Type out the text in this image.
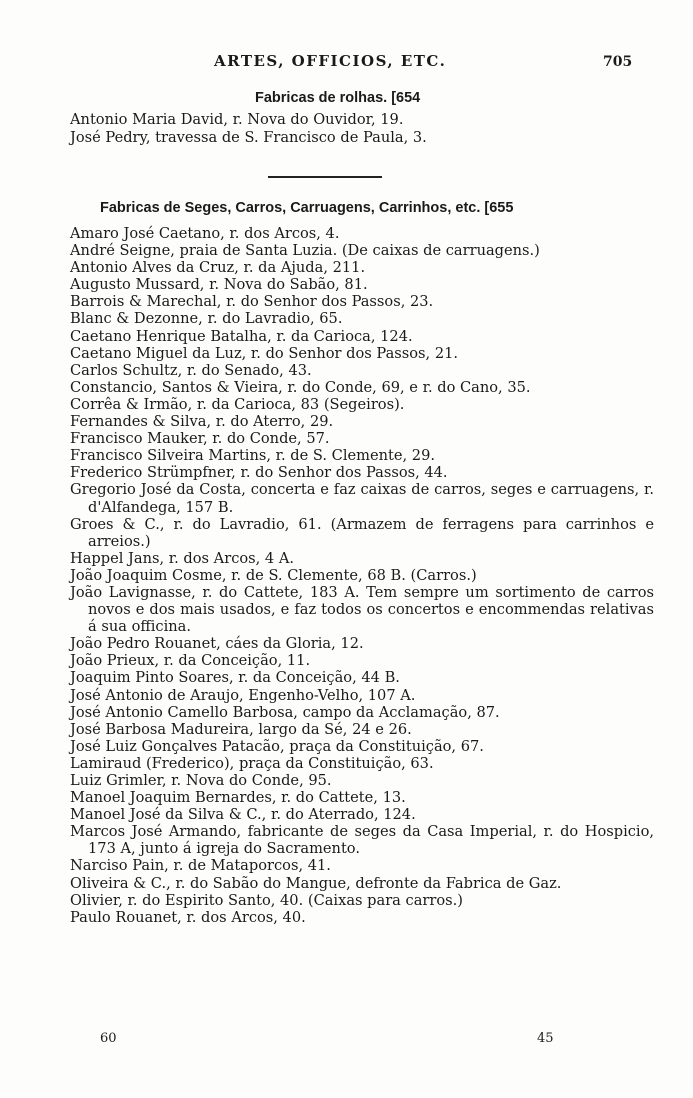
ARTES, OFFICIOS, ETC.	705
Fabricas de rolhas. [654
Antonio Maria David, r. Nova do Ouvidor, 19.
José Pedry, travessa de S. Francisco de Paula, 3.
Fabricas de Seges, Carros, Carruagens, Carrinhos, etc. [655
Amaro José Caetano, r. dos Arcos, 4.
André Seigne, praia de Santa Luzia. (De caixas de carruagens.)
Antonio Alves da Cruz, r. da Ajuda, 211.
Augusto Mussard, r. Nova do Sabão, 81.
Barrois & Marechal, r. do Senhor dos Passos, 23.
Blanc & Dezonne, r. do Lavradio, 65.
Caetano Henrique Batalha, r. da Carioca, 124.
Caetano Miguel da Luz, r. do Senhor dos Passos, 21.
Carlos Schultz, r. do Senado, 43.
Constancio, Santos & Vieira, r. do Conde, 69, e r. do Cano, 35.
Corrêa & Irmão, r. da Carioca, 83 (Segeiros).
Fernandes & Silva, r. do Aterro, 29.
Francisco Mauker, r. do Conde, 57.
Francisco Silveira Martins, r. de S. Clemente, 29.
Frederico Strümpfner, r. do Senhor dos Passos, 44.
Gregorio José da Costa, concerta e faz caixas de carros, seges e carruagens, r. d'Alfandega, 157 B.
Groes & C., r. do Lavradio, 61. (Armazem de ferragens para carrinhos e arreios.)
Happel Jans, r. dos Arcos, 4 A.
João Joaquim Cosme, r. de S. Clemente, 68 B. (Carros.)
João Lavignasse, r. do Cattete, 183 A. Tem sempre um sortimento de carros novos e dos mais usados, e faz todos os concertos e encommendas relativas á sua officina.
João Pedro Rouanet, cáes da Gloria, 12.
João Prieux, r. da Conceição, 11.
Joaquim Pinto Soares, r. da Conceição, 44 B.
José Antonio de Araujo, Engenho-Velho, 107 A.
José Antonio Camello Barbosa, campo da Acclamação, 87.
José Barbosa Madureira, largo da Sé, 24 e 26.
José Luiz Gonçalves Patacão, praça da Constituição, 67.
Lamiraud (Frederico), praça da Constituição, 63.
Luiz Grimler, r. Nova do Conde, 95.
Manoel Joaquim Bernardes, r. do Cattete, 13.
Manoel José da Silva & C., r. do Aterrado, 124.
Marcos José Armando, fabricante de seges da Casa Imperial, r. do Hospicio, 173 A, junto á igreja do Sacramento.
Narciso Pain, r. de Mataporcos, 41.
Oliveira & C., r. do Sabão do Mangue, defronte da Fabrica de Gaz.
Olivier, r. do Espirito Santo, 40. (Caixas para carros.)
Paulo Rouanet, r. dos Arcos, 40.
60	45
